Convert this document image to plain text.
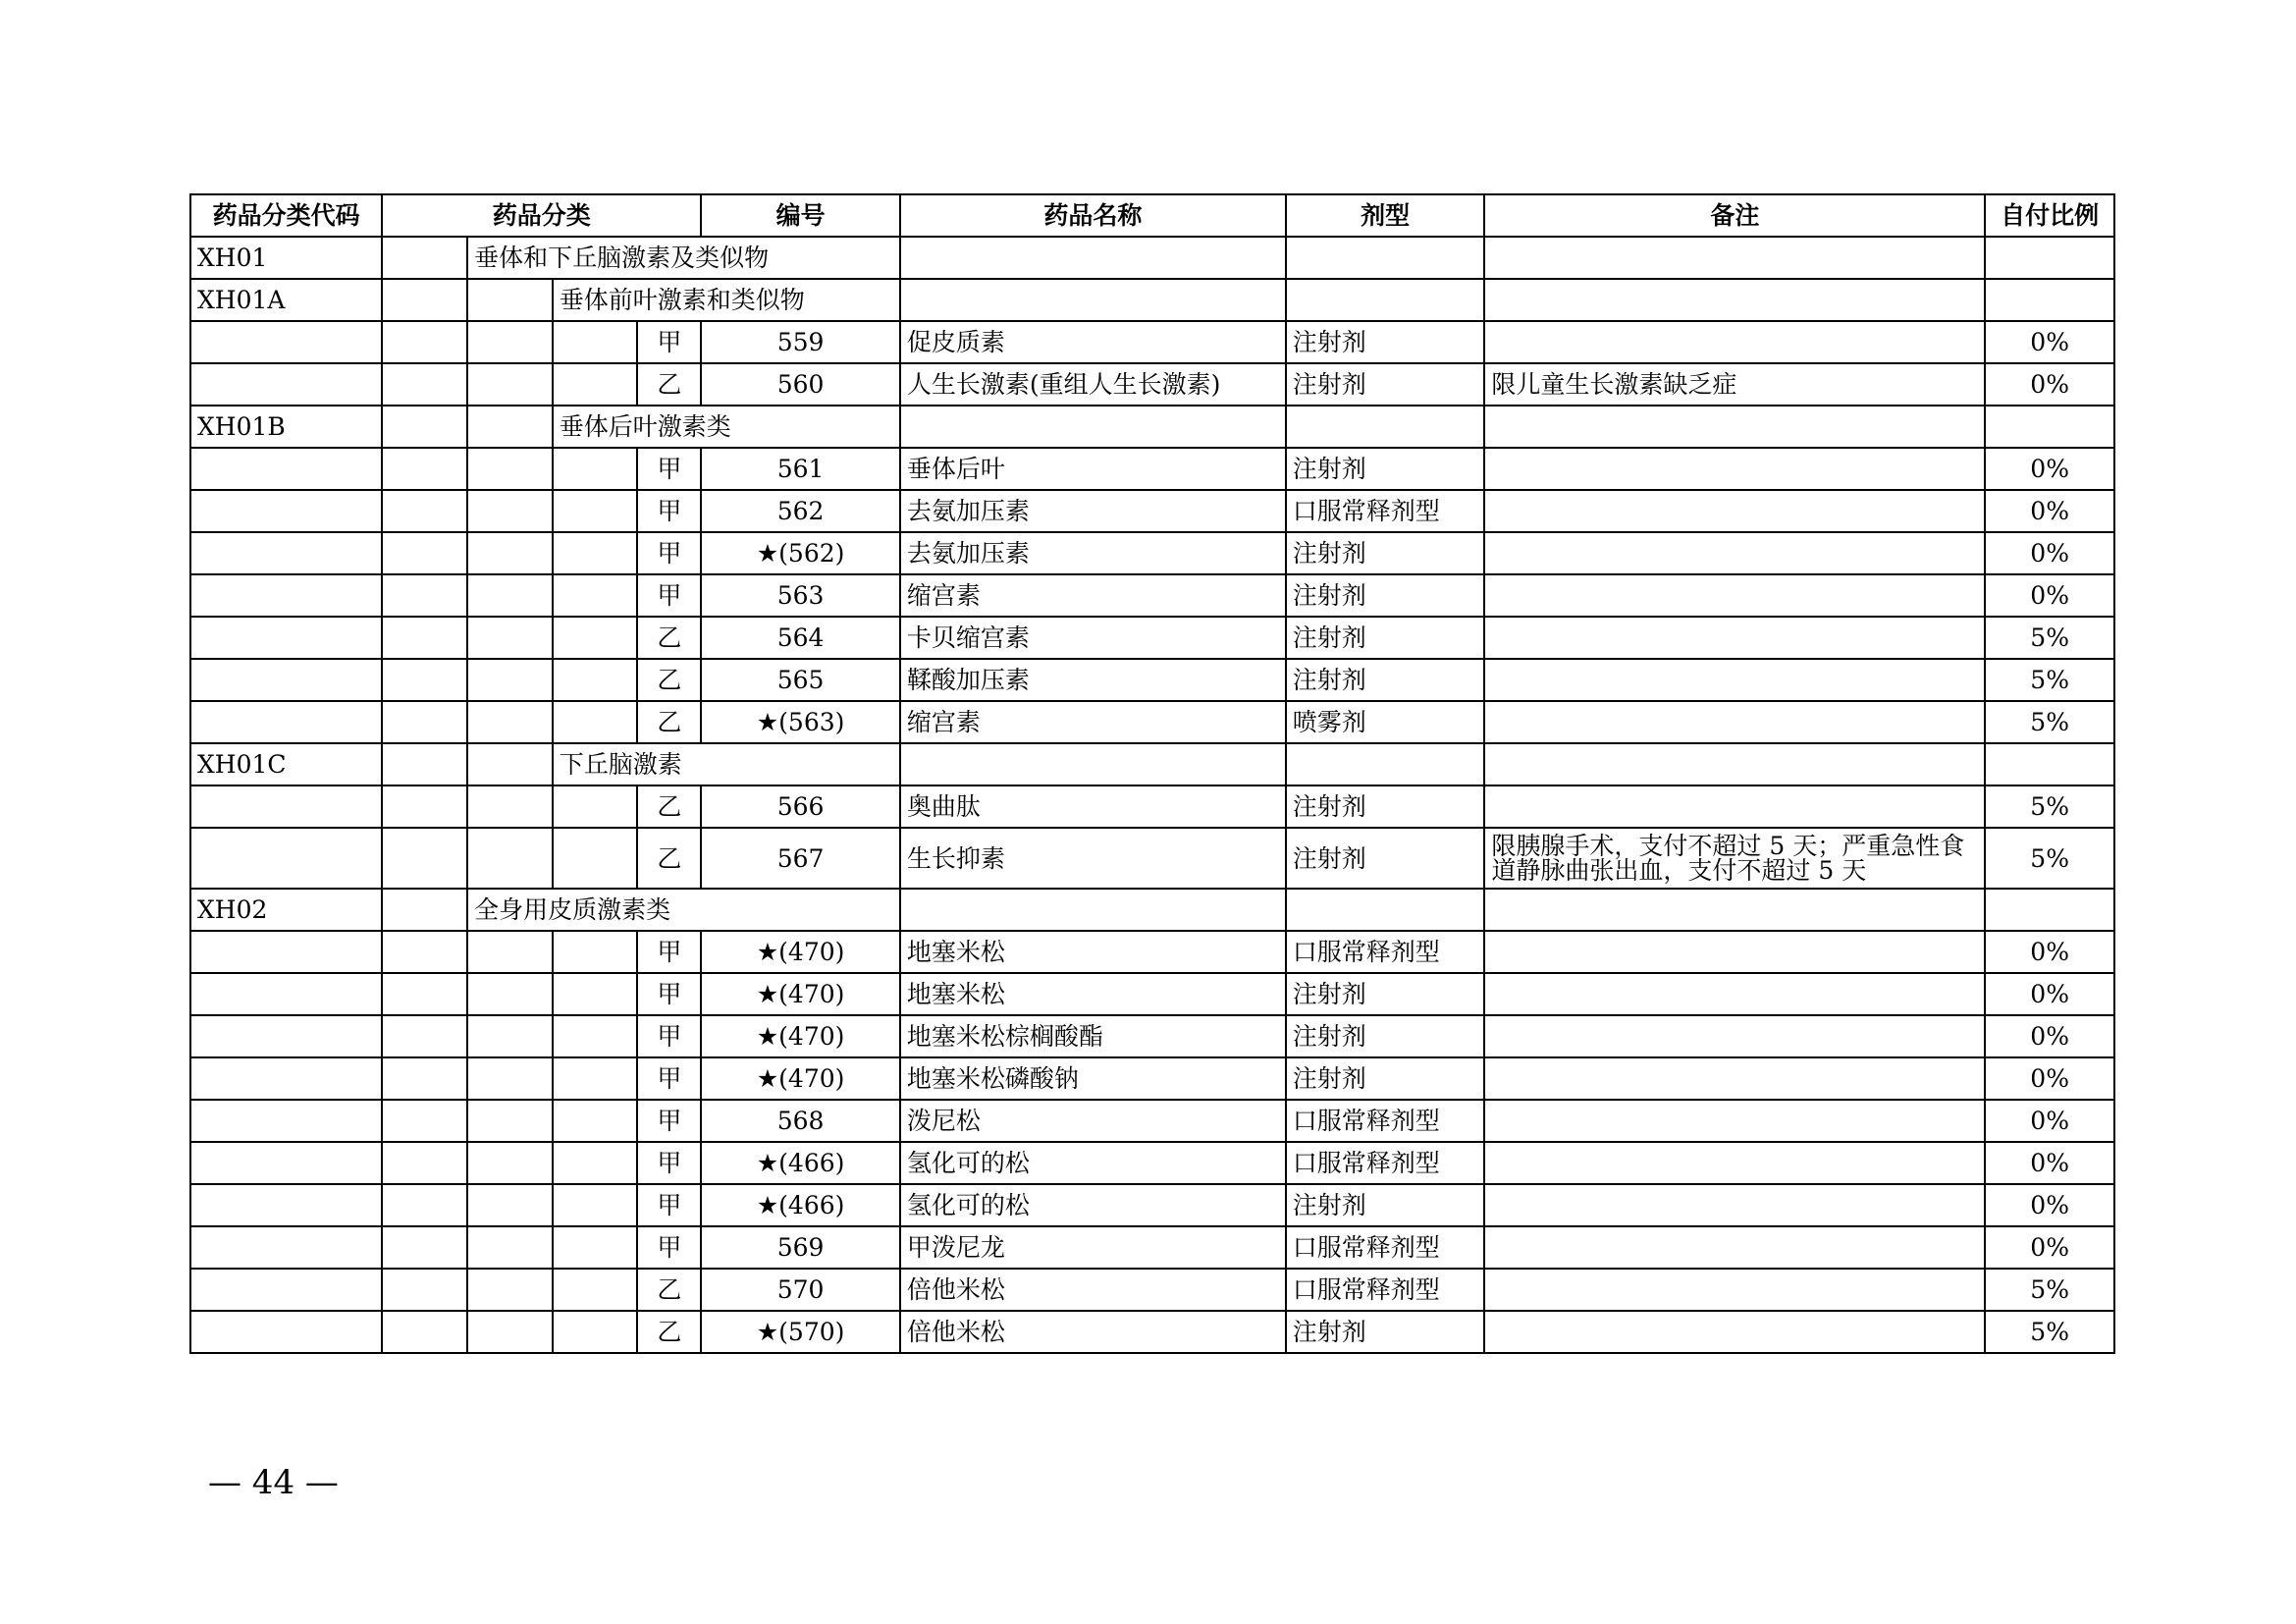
药品分类代码	药品分类				编号	药品名称	剂型	备注	自付比例
XH01		垂体和下丘脑激素及类似物							
XH01A			垂体前叶激素和类似物						
				甲	559	促皮质素	注射剂		0%
				乙	560	人生长激素(重组人生长激素)	注射剂	限儿童生长激素缺乏症	0%
XH01B			垂体后叶激素类						
				甲	561	垂体后叶	注射剂		0%
				甲	562	去氨加压素	口服常释剂型		0%
				甲	★(562)	去氨加压素	注射剂		0%
				甲	563	缩宫素	注射剂		0%
				乙	564	卡贝缩宫素	注射剂		5%
				乙	565	鞣酸加压素	注射剂		5%
				乙	★(563)	缩宫素	喷雾剂		5%
XH01C			下丘脑激素						
				乙	566	奥曲肽	注射剂		5%
				乙	567	生长抑素	注射剂	限胰腺手术，支付不超过 5 天；严重急性食道静脉曲张出血，支付不超过 5 天	5%
XH02		全身用皮质激素类							
				甲	★(470)	地塞米松	口服常释剂型		0%
				甲	★(470)	地塞米松	注射剂		0%
				甲	★(470)	地塞米松棕榈酸酯	注射剂		0%
				甲	★(470)	地塞米松磷酸钠	注射剂		0%
				甲	568	泼尼松	口服常释剂型		0%
				甲	★(466)	氢化可的松	口服常释剂型		0%
				甲	★(466)	氢化可的松	注射剂		0%
				甲	569	甲泼尼龙	口服常释剂型		0%
				乙	570	倍他米松	口服常释剂型		5%
				乙	★(570)	倍他米松	注射剂		5%
— 44 —
